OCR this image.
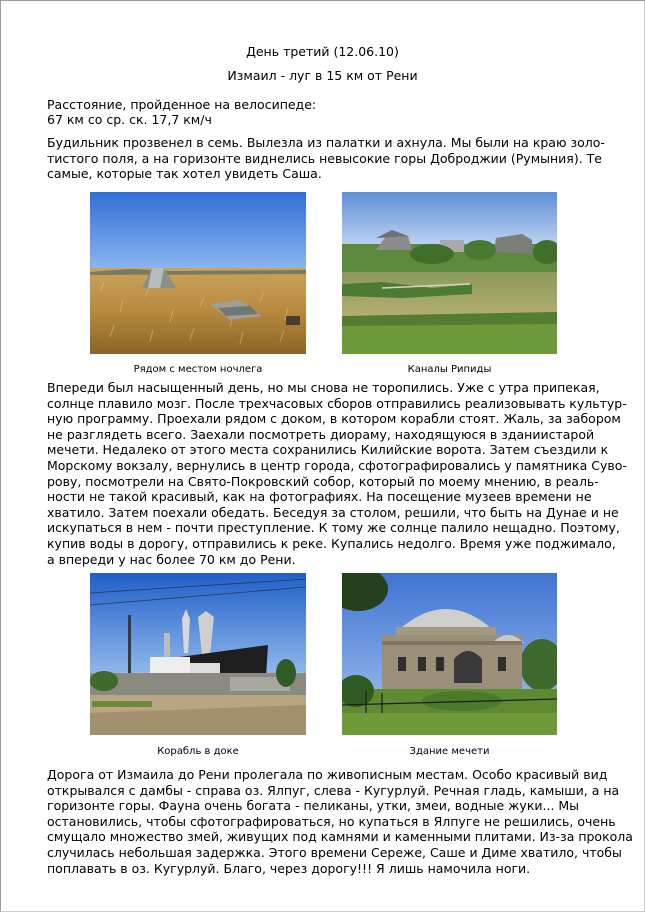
День третий (12.06.10)
Измаил - луг в 15 км от Рени
Расстояние, пройденное на велосипеде:
67 км со ср. ск. 17,7 км/ч
Будильник прозвенел в семь. Вылезла из палатки и ахнула. Мы были на краю золо-
тистого поля, а на горизонте виднелись невысокие горы Доброджии (Румыния). Те
самые, которые так хотел увидеть Саша.
Рядом с местом ночлега	Каналы Рипиды
Впереди был насыщенный день, но мы снова не торопились. Уже с утра припекая,
солнце плавило мозг. После трехчасовых сборов отправились реализовывать культур-
ную программу. Проехали рядом с доком, в котором корабли стоят. Жаль, за забором
не разглядеть всего. Заехали посмотреть диораму, находящуюся в зданиистарой
мечети. Недалеко от этого места сохранились Килийские ворота. Затем съездили к
Морскому вокзалу, вернулись в центр города, сфотографировались у памятника Суво-
рову, посмотрели на Свято-Покровский собор, который по моему мнению, в реаль-
ности не такой красивый, как на фотографиях. На посещение музеев времени не
хватило. Затем поехали обедать. Беседуя за столом, решили, что быть на Дунае и не
искупаться в нем - почти преступление. К тому же солнце палило нещадно. Поэтому,
купив воды в дорогу, отправились к реке. Купались недолго. Время уже поджимало,
а впереди у нас более 70 км до Рени.
Корабль в доке	Здание мечети
Дорога от Измаила до Рени пролегала по живописным местам. Особо красивый вид
открывался с дамбы - справа оз. Ялпуг, слева - Кугурлуй. Речная гладь, камыши, а на
горизонте горы. Фауна очень богата - пеликаны, утки, змеи, водные жуки... Мы
остановились, чтобы сфотографироваться, но купаться в Ялпуге не решились, очень
смущало множество змей, живущих под камнями и каменными плитами. Из-за прокола
случилась небольшая задержка. Этого времени Сереже, Саше и Диме хватило, чтобы
поплавать в оз. Кугурлуй. Благо, через дорогу!!! Я лишь намочила ноги.
